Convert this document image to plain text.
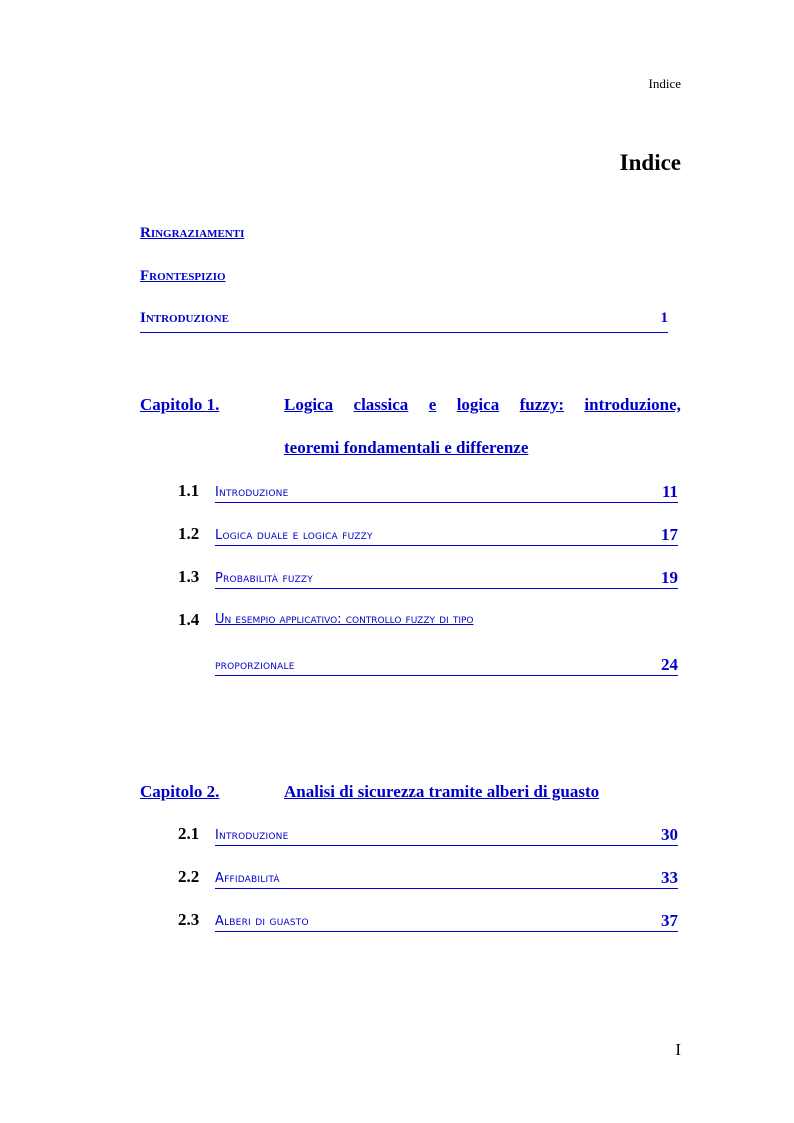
Indice
Indice
Ringraziamenti
Frontespizio
Introduzione	1
Capitolo 1.	Logica classica e logica fuzzy: introduzione,
teoremi fondamentali e differenze
1.1 Introduzione	11
1.2 Logica duale e logica fuzzy	17
1.3 Probabilità fuzzy	19
1.4 Un esempio applicativo: controllo fuzzy di tipo
proporzionale	24
Capitolo 2.	Analisi di sicurezza tramite alberi di guasto
2.1 Introduzione	30
2.2 Affidabilità	33
2.3 Alberi di guasto	37
I
